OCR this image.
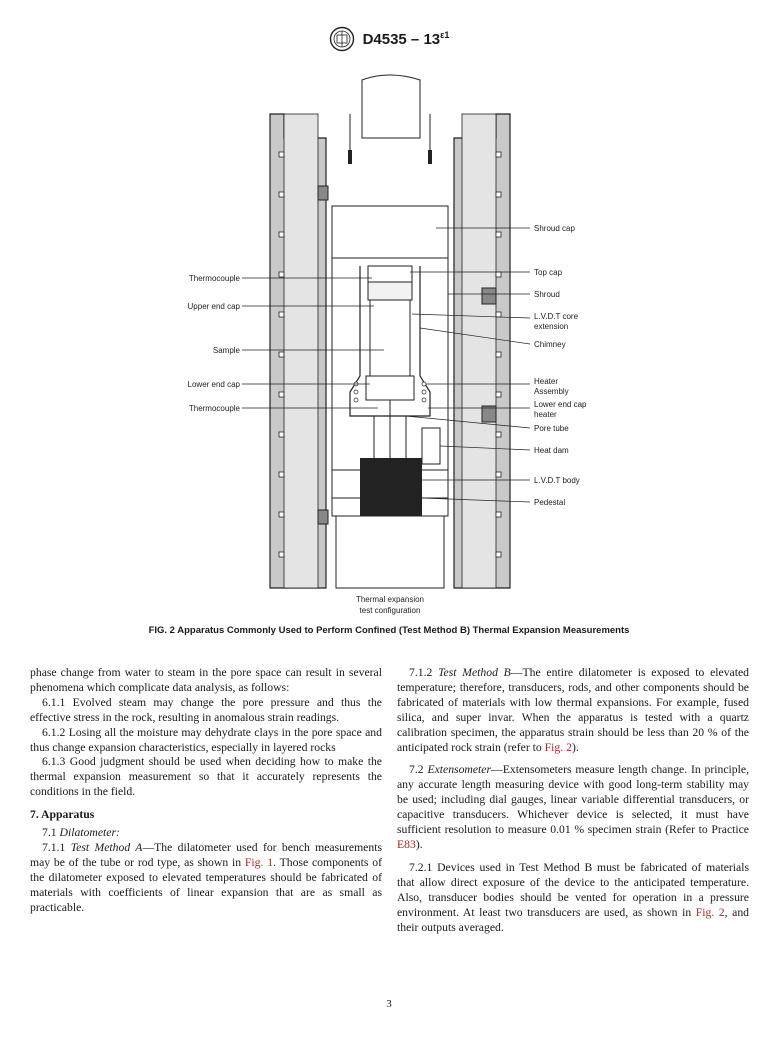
$D4535 - 13^{\varepsilon 1}$
Thermocouple
Upper end cap
Sample
Lower end cap
Thermocouple
Shroud cap
Top cap
Shroud
L.V.D.T core
extension
Chimney
Heater
Assembly
Lower end cap
heater
Pore tube
Heat dam
L.V.D.T body
Pedestal
Thermal expansion
test configuration
FIG. 2 Apparatus Commonly Used to Perform Confined (Test Method B) Thermal Expansion Measurements

phase change from water to steam in the pore space can result in several phenomena which complicate data analysis, as follows:

6.1.1 Evolved steam may change the pore pressure and thus the effective stress in the rock, resulting in anomalous strain readings.

6.1.2 Losing all the moisture may dehydrate clays in the pore space and thus change expansion characteristics, especially in layered rocks

6.1.3 Good judgment should be used when deciding how to make the thermal expansion measurement so that it accurately represents the conditions in the field.

7. Apparatus

7.1 Dilatometer:

7.1.1 Test Method A—The dilatometer used for bench measurements may be of the tube or rod type, as shown in Fig. 1. Those components of the dilatometer exposed to elevated temperatures should be fabricated of materials with coefficients of linear expansion that are as small as practicable.

7.1.2 Test Method B—The entire dilatometer is exposed to elevated temperature; therefore, transducers, rods, and other components should be fabricated of materials with low thermal expansions. For example, fused silica, and super invar. When the apparatus is tested with a quartz calibration specimen, the apparatus strain should be less than 20 % of the anticipated rock strain (refer to Fig. 2).

7.2 Extensometer—Extensometers measure length change. In principle, any accurate length measuring device with good long-term stability may be used; including dial gauges, linear variable differential transducers, or capacitive transducers. Whichever device is selected, it must have sufficient resolution to measure 0.01 % specimen strain (Refer to Practice E83).

7.2.1 Devices used in Test Method B must be fabricated of materials that allow direct exposure of the device to the anticipated temperature. Also, transducer bodies should be vented for operation in a pressure environment. At least two transducers are used, as shown in Fig. 2, and their outputs averaged.

3
